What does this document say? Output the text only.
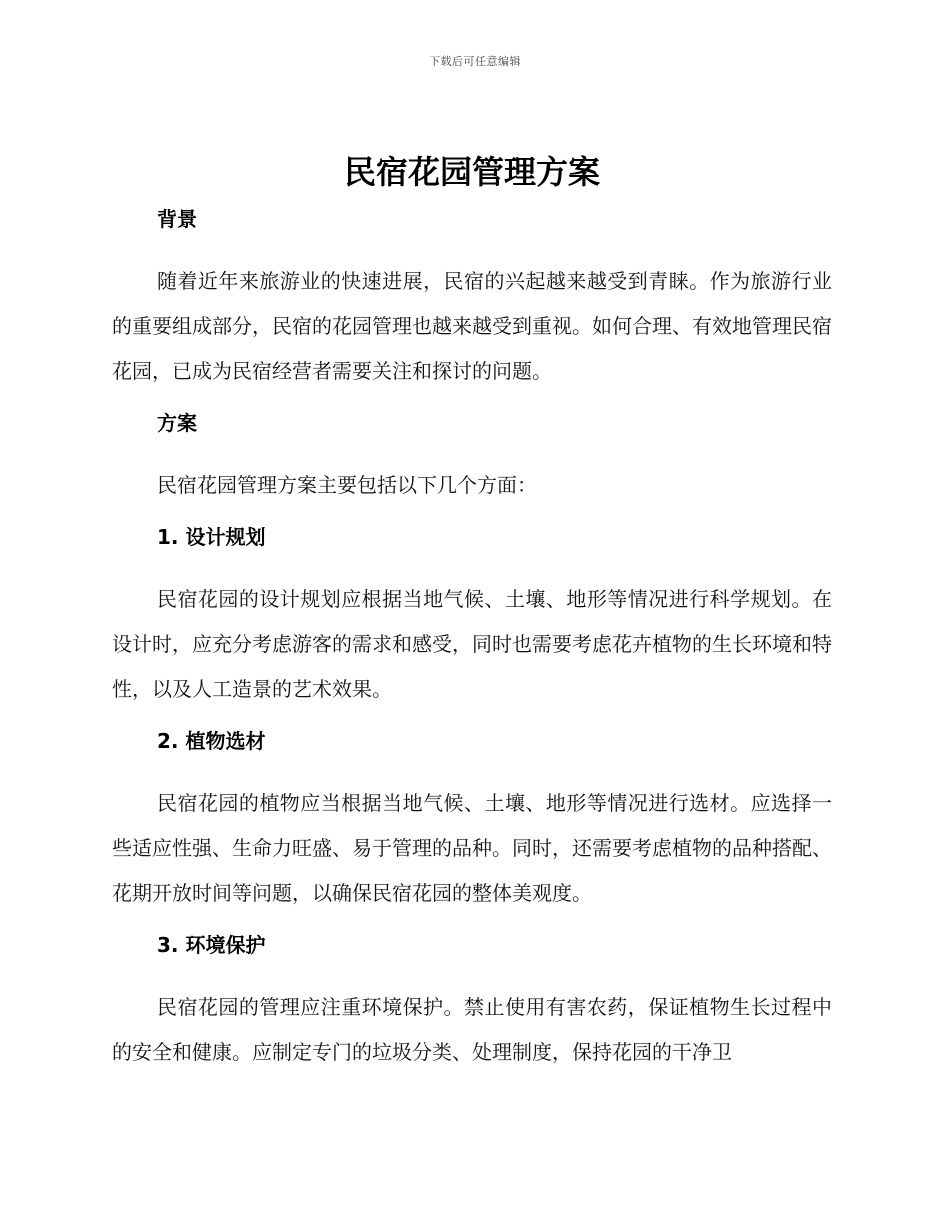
下载后可任意编辑
民宿花园管理方案
背景

随着近年来旅游业的快速进展，民宿的兴起越来越受到青睐。作为旅游行业的重要组成部分，民宿的花园管理也越来越受到重视。如何合理、有效地管理民宿花园，已成为民宿经营者需要关注和探讨的问题。

方案

民宿花园管理方案主要包括以下几个方面：

1. 设计规划

民宿花园的设计规划应根据当地气候、土壤、地形等情况进行科学规划。在设计时，应充分考虑游客的需求和感受，同时也需要考虑花卉植物的生长环境和特性，以及人工造景的艺术效果。

2. 植物选材

民宿花园的植物应当根据当地气候、土壤、地形等情况进行选材。应选择一些适应性强、生命力旺盛、易于管理的品种。同时，还需要考虑植物的品种搭配、花期开放时间等问题，以确保民宿花园的整体美观度。

3. 环境保护

民宿花园的管理应注重环境保护。禁止使用有害农药，保证植物生长过程中的安全和健康。应制定专门的垃圾分类、处理制度，保持花园的干净卫
